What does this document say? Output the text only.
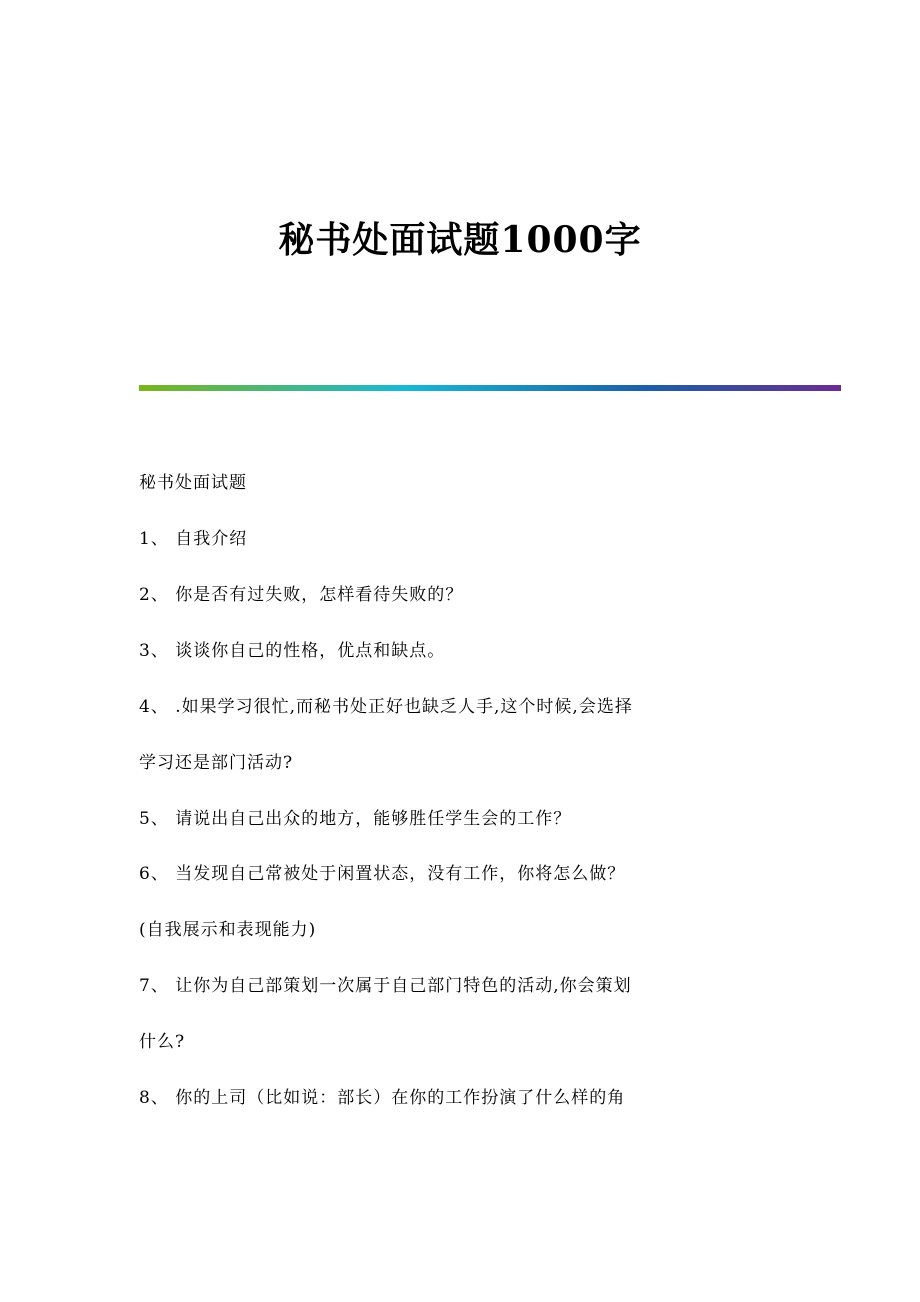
秘书处面试题1000字
秘书处面试题
1、 自我介绍
2、 你是否有过失败，怎样看待失败的？
3、 谈谈你自己的性格，优点和缺点。
4、 .如果学习很忙,而秘书处正好也缺乏人手,这个时候,会选择
学习还是部门活动?
5、 请说出自己出众的地方，能够胜任学生会的工作？
6、 当发现自己常被处于闲置状态，没有工作，你将怎么做？
(自我展示和表现能力)
7、 让你为自己部策划一次属于自己部门特色的活动,你会策划
什么?
8、 你的上司（比如说：部长）在你的工作扮演了什么样的角
